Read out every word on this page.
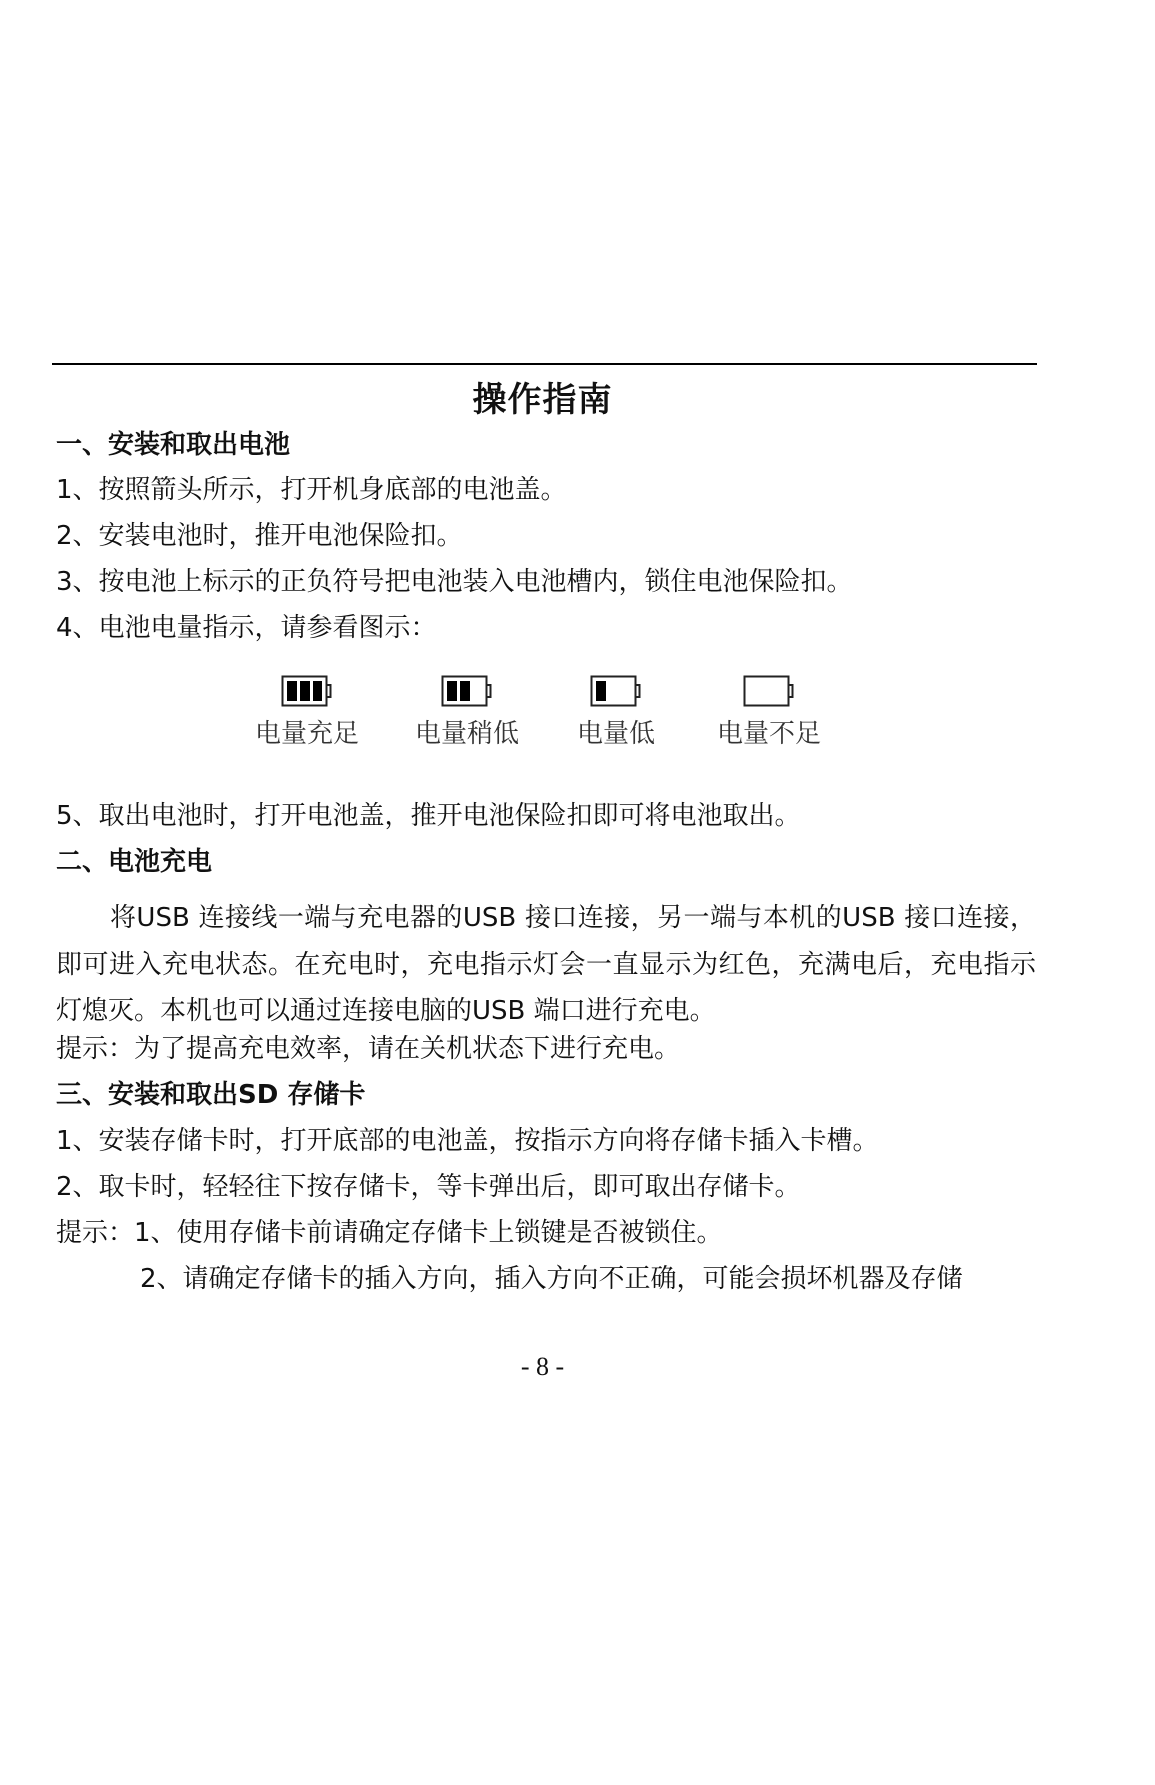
操作指南
一、安装和取出电池
1、按照箭头所示，打开机身底部的电池盖。
2、安装电池时，推开电池保险扣。
3、按电池上标示的正负符号把电池装入电池槽内，锁住电池保险扣。
4、电池电量指示，请参看图示：
电量充足	电量稍低	电量低	电量不足
5、取出电池时，打开电池盖，推开电池保险扣即可将电池取出。
二、电池充电
将USB 连接线一端与充电器的USB 接口连接，另一端与本机的USB 接口连接，即可进入充电状态。在充电时，充电指示灯会一直显示为红色，充满电后，充电指示灯熄灭。本机也可以通过连接电脑的USB 端口进行充电。
提示：为了提高充电效率，请在关机状态下进行充电。
三、安装和取出SD 存储卡
1、安装存储卡时，打开底部的电池盖，按指示方向将存储卡插入卡槽。
2、取卡时，轻轻往下按存储卡，等卡弹出后，即可取出存储卡。
提示：1、使用存储卡前请确定存储卡上锁键是否被锁住。
2、请确定存储卡的插入方向，插入方向不正确，可能会损坏机器及存储
- 8 -
